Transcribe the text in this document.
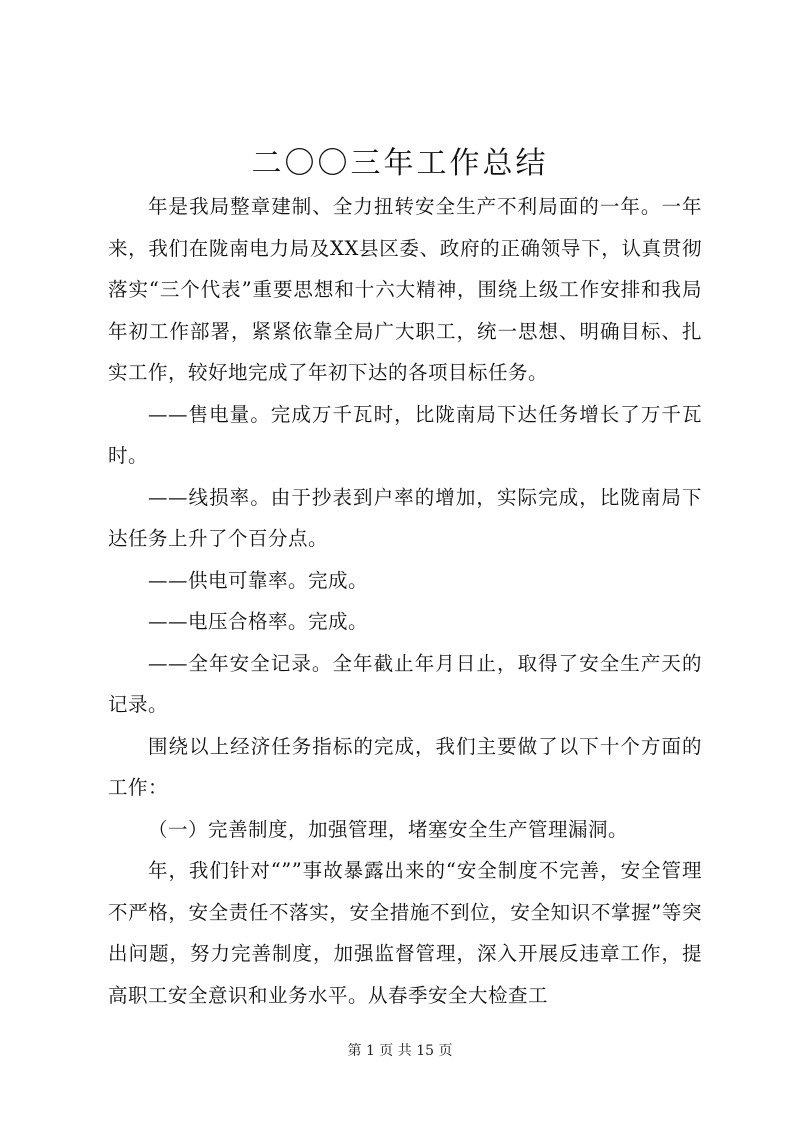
二〇〇三年工作总结

年是我局整章建制、全力扭转安全生产不利局面的一年。一年来，我们在陇南电力局及XX县区委、政府的正确领导下，认真贯彻落实“三个代表”重要思想和十六大精神，围绕上级工作安排和我局年初工作部署，紧紧依靠全局广大职工，统一思想、明确目标、扎实工作，较好地完成了年初下达的各项目标任务。

——售电量。完成万千瓦时，比陇南局下达任务增长了万千瓦时。

——线损率。由于抄表到户率的增加，实际完成，比陇南局下达任务上升了个百分点。

——供电可靠率。完成。

——电压合格率。完成。

——全年安全记录。全年截止年月日止，取得了安全生产天的记录。

围绕以上经济任务指标的完成，我们主要做了以下十个方面的工作：

（一）完善制度，加强管理，堵塞安全生产管理漏洞。

年，我们针对“””事故暴露出来的“安全制度不完善，安全管理不严格，安全责任不落实，安全措施不到位，安全知识不掌握”等突出问题，努力完善制度，加强监督管理，深入开展反违章工作，提高职工安全意识和业务水平。从春季安全大检查工

第 1 页 共 15 页
